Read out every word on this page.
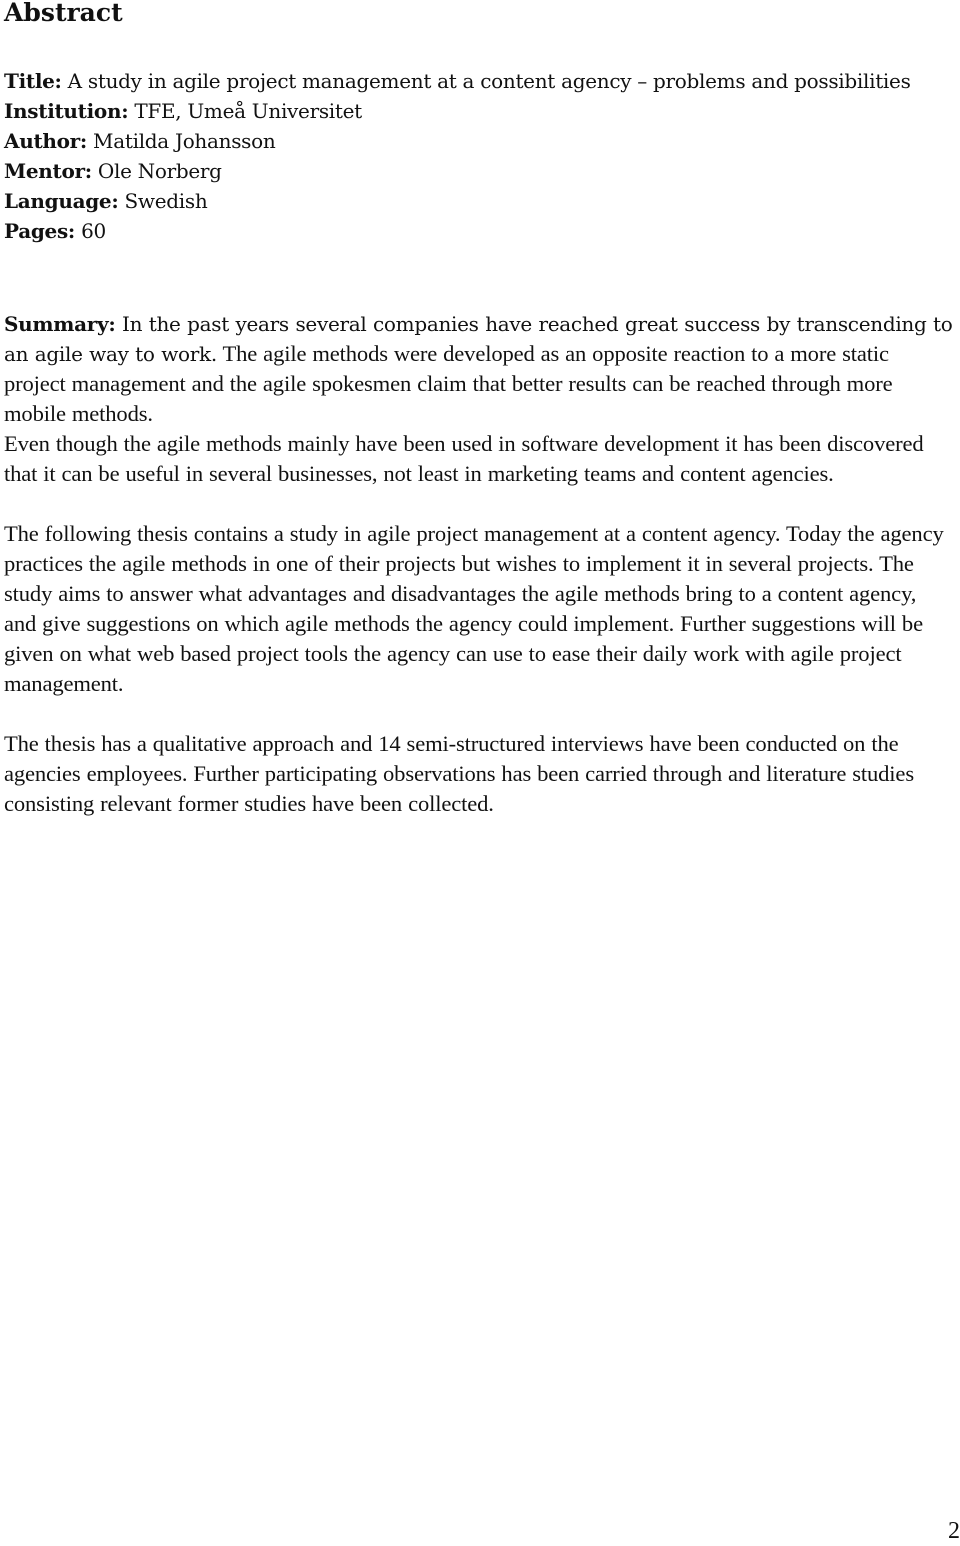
Abstract

Title: A study in agile project management at a content agency – problems and possibilities

Institution: TFE, Umeå Universitet

Author: Matilda Johansson

Mentor: Ole Norberg

Language: Swedish

Pages: 60

Summary: In the past years several companies have reached great success by transcending to an agile way to work. The agile methods were developed as an opposite reaction to a more static project management and the agile spokesmen claim that better results can be reached through more mobile methods.

Even though the agile methods mainly have been used in software development it has been discovered that it can be useful in several businesses, not least in marketing teams and content agencies.

The following thesis contains a study in agile project management at a content agency. Today the agency practices the agile methods in one of their projects but wishes to implement it in several projects. The study aims to answer what advantages and disadvantages the agile methods bring to a content agency, and give suggestions on which agile methods the agency could implement. Further suggestions will be given on what web based project tools the agency can use to ease their daily work with agile project management.

The thesis has a qualitative approach and 14 semi-structured interviews have been conducted on the agencies employees. Further participating observations has been carried through and literature studies consisting relevant former studies have been collected.

2
